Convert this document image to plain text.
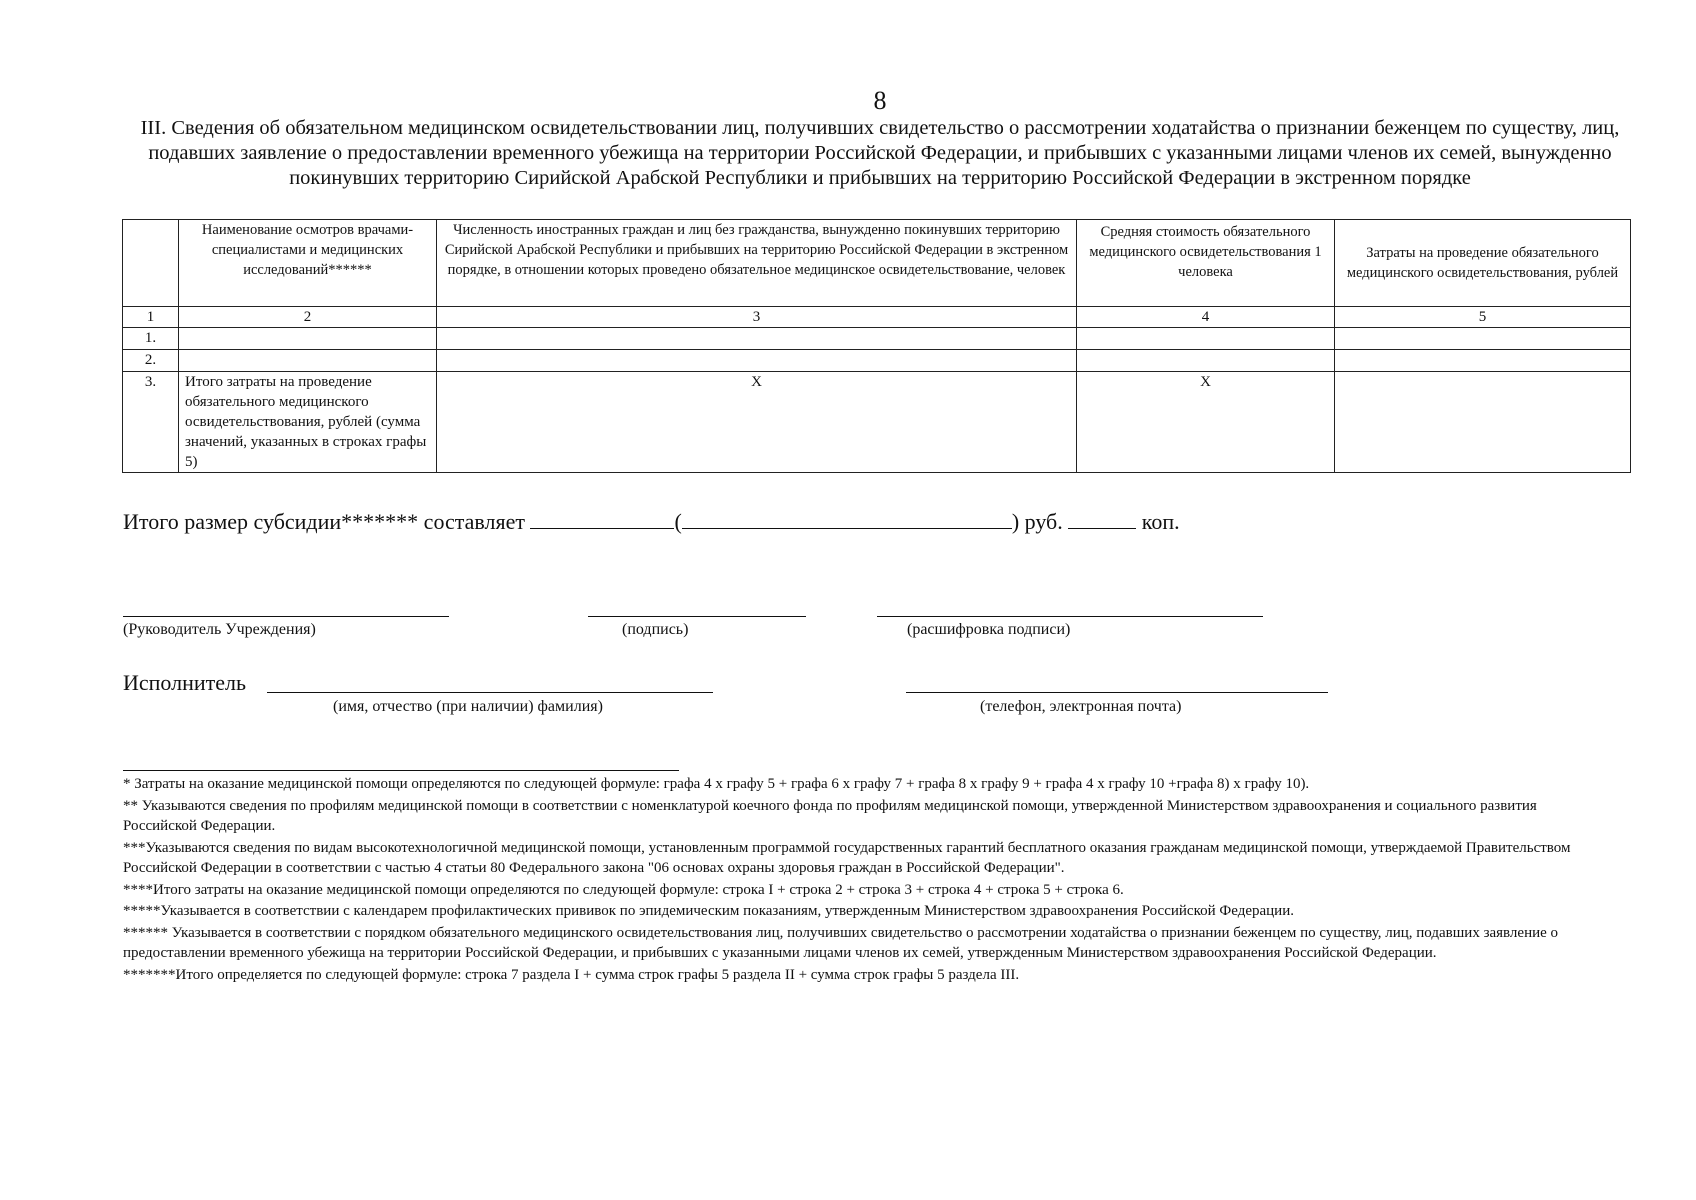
8
III. Сведения об обязательном медицинском освидетельствовании лиц, получивших свидетельство о рассмотрении ходатайства о признании беженцем по существу, лиц, подавших заявление о предоставлении временного убежища на территории Российской Федерации, и прибывших с указанными лицами членов их семей, вынужденно покинувших территорию Сирийской Арабской Республики и прибывших на территорию Российской Федерации в экстренном порядке
	Наименование осмотров врачами-специалистами и медицинских исследований******	Численность иностранных граждан и лиц без гражданства, вынужденно покинувших территорию Сирийской Арабской Республики и прибывших на территорию Российской Федерации в экстренном порядке, в отношении которых проведено обязательное медицинское освидетельствование, человек	Средняя стоимость обязательного медицинского освидетельствования 1 человека	Затраты на проведение обязательного медицинского освидетельствования, рублей
1	2	3	4	5
1.				
2.				
3.	Итого затраты на проведение обязательного медицинского освидетельствования, рублей (сумма значений, указанных в строках графы 5)	X	X	
Итого размер субсидии******* составляет	(	) руб.	коп.
(Руководитель Учреждения)	(подпись)	(расшифровка подписи)
Исполнитель
(имя, отчество (при наличии) фамилия)	(телефон, электронная почта)

* Затраты на оказание медицинской помощи определяются по следующей формуле: графа 4 х графу 5 + графа 6 х графу 7 + графа 8 х графу 9 + графа 4 х графу 10 +графа 8) х графу 10).

** Указываются сведения по профилям медицинской помощи в соответствии с номенклатурой коечного фонда по профилям медицинской помощи, утвержденной Министерством здравоохранения и социального развития Российской Федерации.

***Указываются сведения по видам высокотехнологичной медицинской помощи, установленным программой государственных гарантий бесплатного оказания гражданам медицинской помощи, утверждаемой Правительством Российской Федерации в соответствии с частью 4 статьи 80 Федерального закона "06 основах охраны здоровья граждан в Российской Федерации".

****Итого затраты на оказание медицинской помощи определяются по следующей формуле: строка I + строка 2 + строка 3 + строка 4 + строка 5 + строка 6.

*****Указывается в соответствии с календарем профилактических прививок по эпидемическим показаниям, утвержденным Министерством здравоохранения Российской Федерации.

****** Указывается в соответствии с порядком обязательного медицинского освидетельствования лиц, получивших свидетельство о рассмотрении ходатайства о признании беженцем по существу, лиц, подавших заявление о предоставлении временного убежища на территории Российской Федерации, и прибывших с указанными лицами членов их семей, утвержденным Министерством здравоохранения Российской Федерации.

*******Итого определяется по следующей формуле: строка 7 раздела I + сумма строк графы 5 раздела II + сумма строк графы 5 раздела III.
